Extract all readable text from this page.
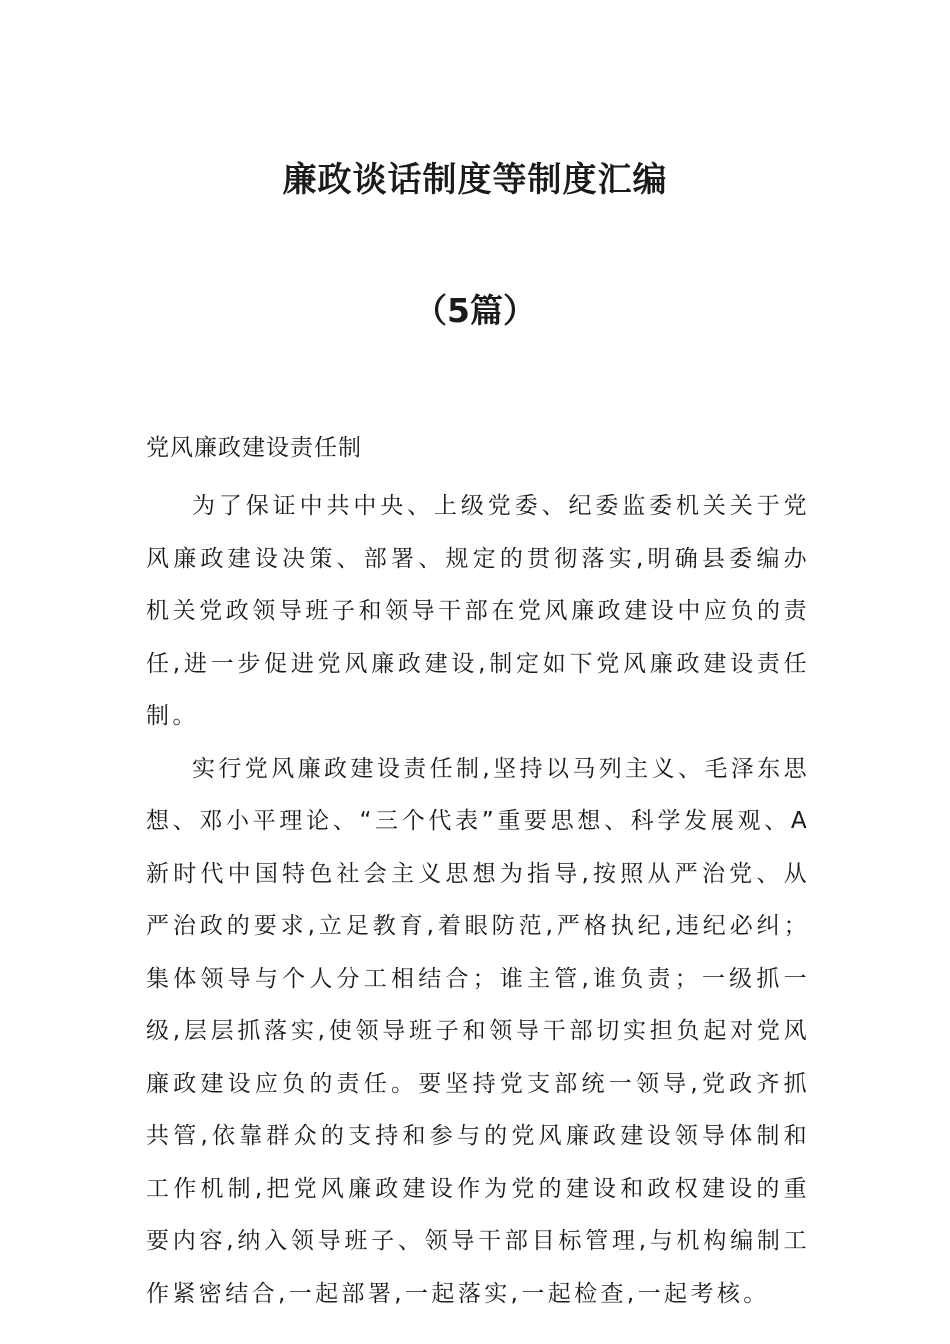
廉政谈话制度等制度汇编
（5篇）
党风廉政建设责任制

为了保证中共中央、上级党委、纪委监委机关关于党风廉政建设决策、部署、规定的贯彻落实,明确县委编办机关党政领导班子和领导干部在党风廉政建设中应负的责任,进一步促进党风廉政建设,制定如下党风廉政建设责任制。

实行党风廉政建设责任制,坚持以马列主义、毛泽东思想、邓小平理论、“三个代表”重要思想、科学发展观、A新时代中国特色社会主义思想为指导,按照从严治党、从严治政的要求,立足教育,着眼防范,严格执纪,违纪必纠；集体领导与个人分工相结合；谁主管,谁负责；一级抓一级,层层抓落实,使领导班子和领导干部切实担负起对党风廉政建设应负的责任。要坚持党支部统一领导,党政齐抓共管,依靠群众的支持和参与的党风廉政建设领导体制和工作机制,把党风廉政建设作为党的建设和政权建设的重要内容,纳入领导班子、领导干部目标管理,与机构编制工作紧密结合,一起部署,一起落实,一起检查,一起考核。
